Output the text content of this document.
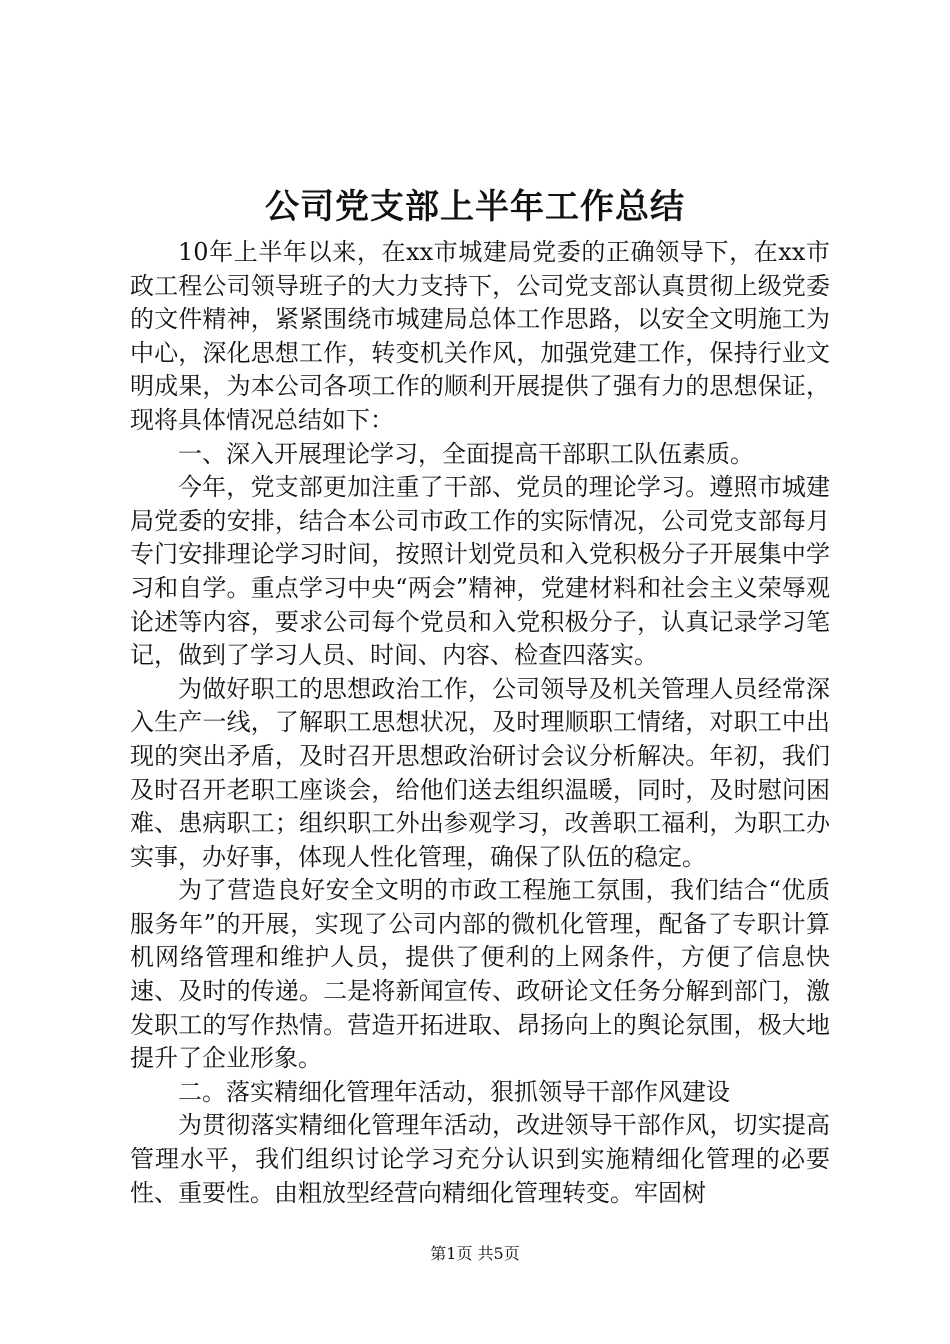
公司党支部上半年工作总结

10年上半年以来，在xx市城建局党委的正确领导下，在xx市政工程公司领导班子的大力支持下，公司党支部认真贯彻上级党委的文件精神，紧紧围绕市城建局总体工作思路，以安全文明施工为中心，深化思想工作，转变机关作风，加强党建工作，保持行业文明成果，为本公司各项工作的顺利开展提供了强有力的思想保证，现将具体情况总结如下：

一、深入开展理论学习，全面提高干部职工队伍素质。

今年，党支部更加注重了干部、党员的理论学习。遵照市城建局党委的安排，结合本公司市政工作的实际情况，公司党支部每月专门安排理论学习时间，按照计划党员和入党积极分子开展集中学习和自学。重点学习中央“两会”精神，党建材料和社会主义荣辱观论述等内容，要求公司每个党员和入党积极分子，认真记录学习笔记，做到了学习人员、时间、内容、检查四落实。

为做好职工的思想政治工作，公司领导及机关管理人员经常深入生产一线，了解职工思想状况，及时理顺职工情绪，对职工中出现的突出矛盾，及时召开思想政治研讨会议分析解决。年初，我们及时召开老职工座谈会，给他们送去组织温暖，同时，及时慰问困难、患病职工；组织职工外出参观学习，改善职工福利，为职工办实事，办好事，体现人性化管理，确保了队伍的稳定。

为了营造良好安全文明的市政工程施工氛围，我们结合“优质服务年”的开展，实现了公司内部的微机化管理，配备了专职计算机网络管理和维护人员，提供了便利的上网条件，方便了信息快速、及时的传递。二是将新闻宣传、政研论文任务分解到部门，激发职工的写作热情。营造开拓进取、昂扬向上的舆论氛围，极大地提升了企业形象。

二。落实精细化管理年活动，狠抓领导干部作风建设

为贯彻落实精细化管理年活动，改进领导干部作风，切实提高管理水平，我们组织讨论学习充分认识到实施精细化管理的必要性、重要性。由粗放型经营向精细化管理转变。牢固树

第1页 共5页
